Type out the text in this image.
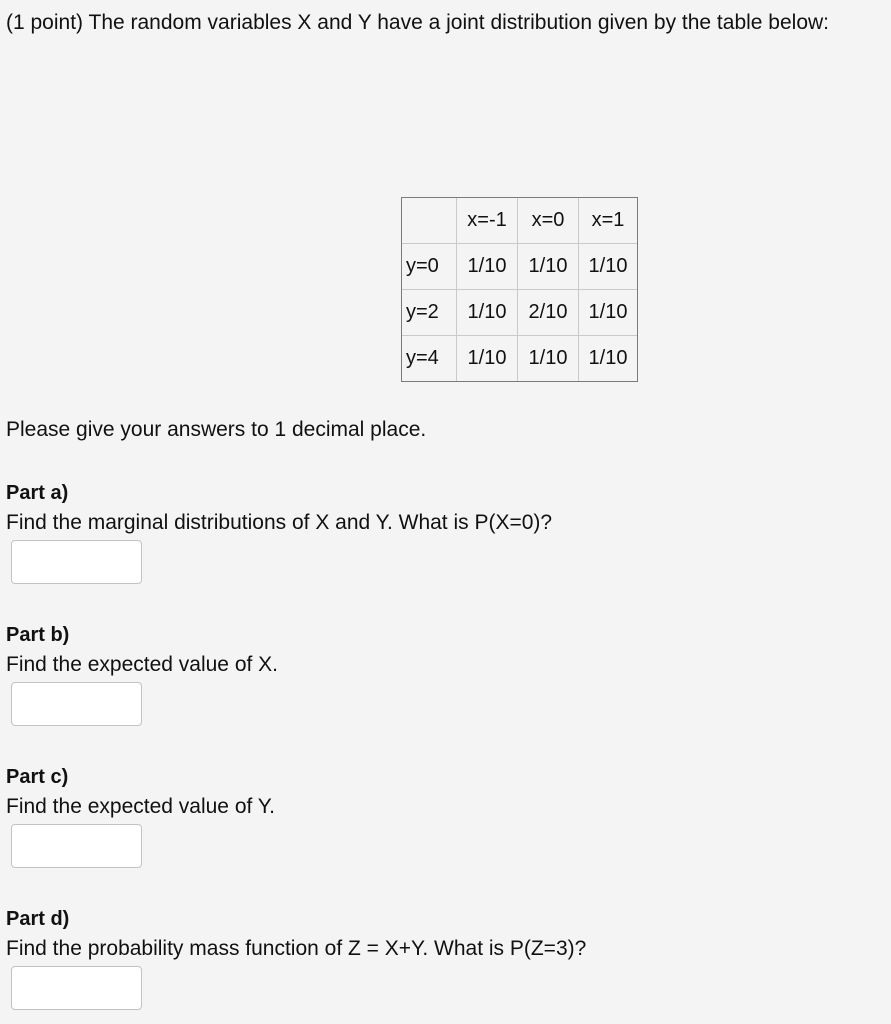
(1 point) The random variables X and Y have a joint distribution given by the table below:

	x=-1	x=0	x=1
y=0	1/10	1/10	1/10
y=2	1/10	2/10	1/10
y=4	1/10	1/10	1/10

Please give your answers to 1 decimal place.

Part a)

Find the marginal distributions of X and Y. What is P(X=0)?

Part b)

Find the expected value of X.

Part c)

Find the expected value of Y.

Part d)

Find the probability mass function of Z = X+Y. What is P(Z=3)?
